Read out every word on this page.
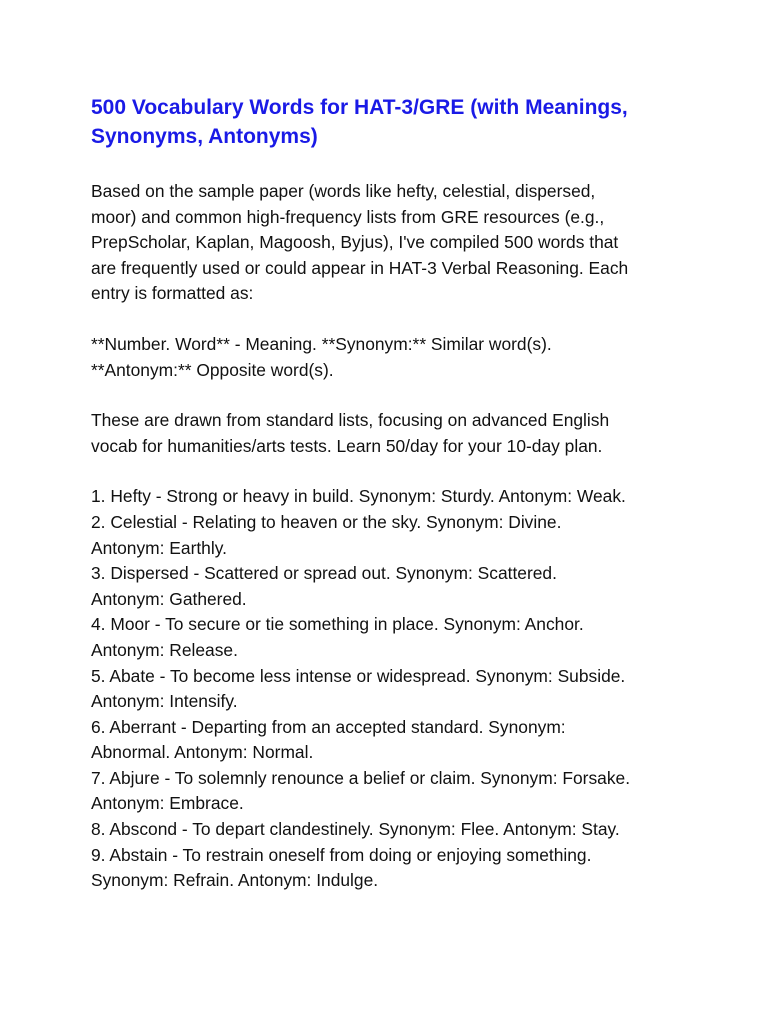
500 Vocabulary Words for HAT-3/GRE (with Meanings, Synonyms, Antonyms)

Based on the sample paper (words like hefty, celestial, dispersed,
moor) and common high-frequency lists from GRE resources (e.g.,
PrepScholar, Kaplan, Magoosh, Byjus), I've compiled 500 words that
are frequently used or could appear in HAT-3 Verbal Reasoning. Each
entry is formatted as:

**Number. Word** - Meaning. **Synonym:** Similar word(s).
**Antonym:** Opposite word(s).

These are drawn from standard lists, focusing on advanced English
vocab for humanities/arts tests. Learn 50/day for your 10-day plan.

1. Hefty - Strong or heavy in build. Synonym: Sturdy. Antonym: Weak.
2. Celestial - Relating to heaven or the sky. Synonym: Divine.
Antonym: Earthly.
3. Dispersed - Scattered or spread out. Synonym: Scattered.
Antonym: Gathered.
4. Moor - To secure or tie something in place. Synonym: Anchor.
Antonym: Release.
5. Abate - To become less intense or widespread. Synonym: Subside.
Antonym: Intensify.
6. Aberrant - Departing from an accepted standard. Synonym:
Abnormal. Antonym: Normal.
7. Abjure - To solemnly renounce a belief or claim. Synonym: Forsake.
Antonym: Embrace.
8. Abscond - To depart clandestinely. Synonym: Flee. Antonym: Stay.
9. Abstain - To restrain oneself from doing or enjoying something.
Synonym: Refrain. Antonym: Indulge.
